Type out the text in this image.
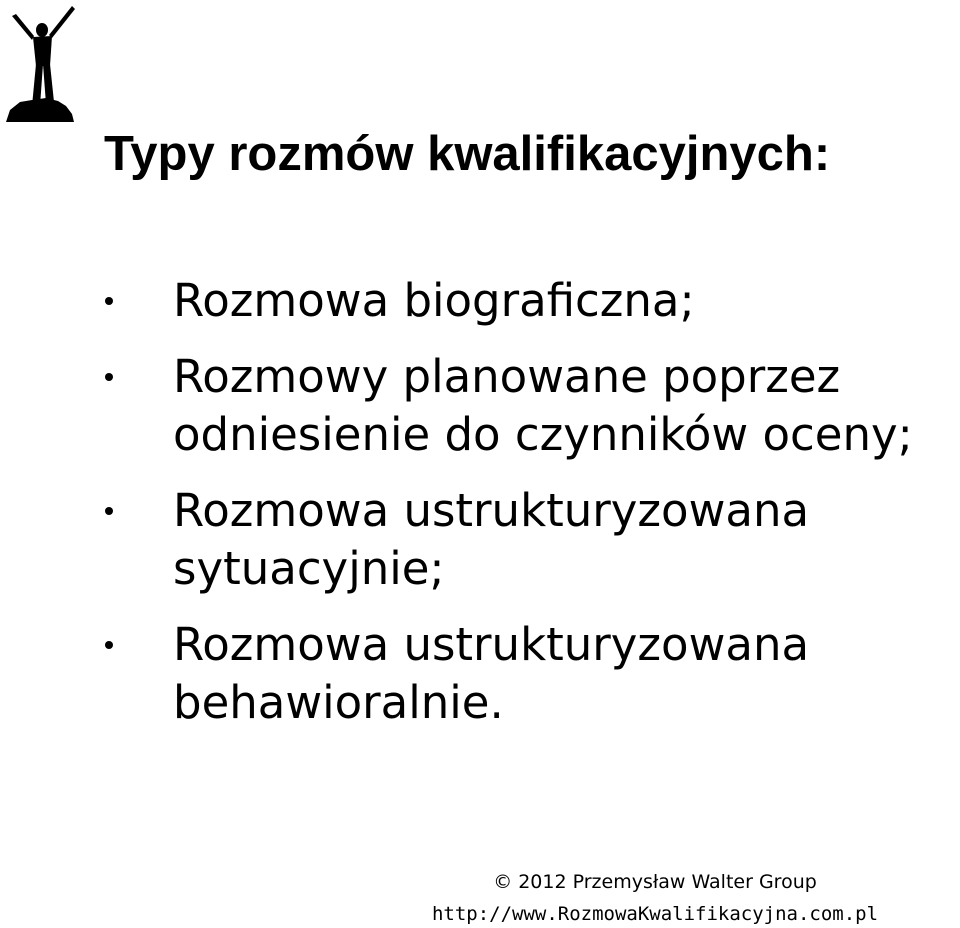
Typy rozmów kwalifikacyjnych:
Rozmowa biograficzna;
Rozmowy planowane poprzez
odniesienie do czynników oceny;
Rozmowa ustrukturyzowana
sytuacyjnie;
Rozmowa ustrukturyzowana
behawioralnie.
© 2012 Przemysław Walter Group
http://www.RozmowaKwalifikacyjna.com.pl
